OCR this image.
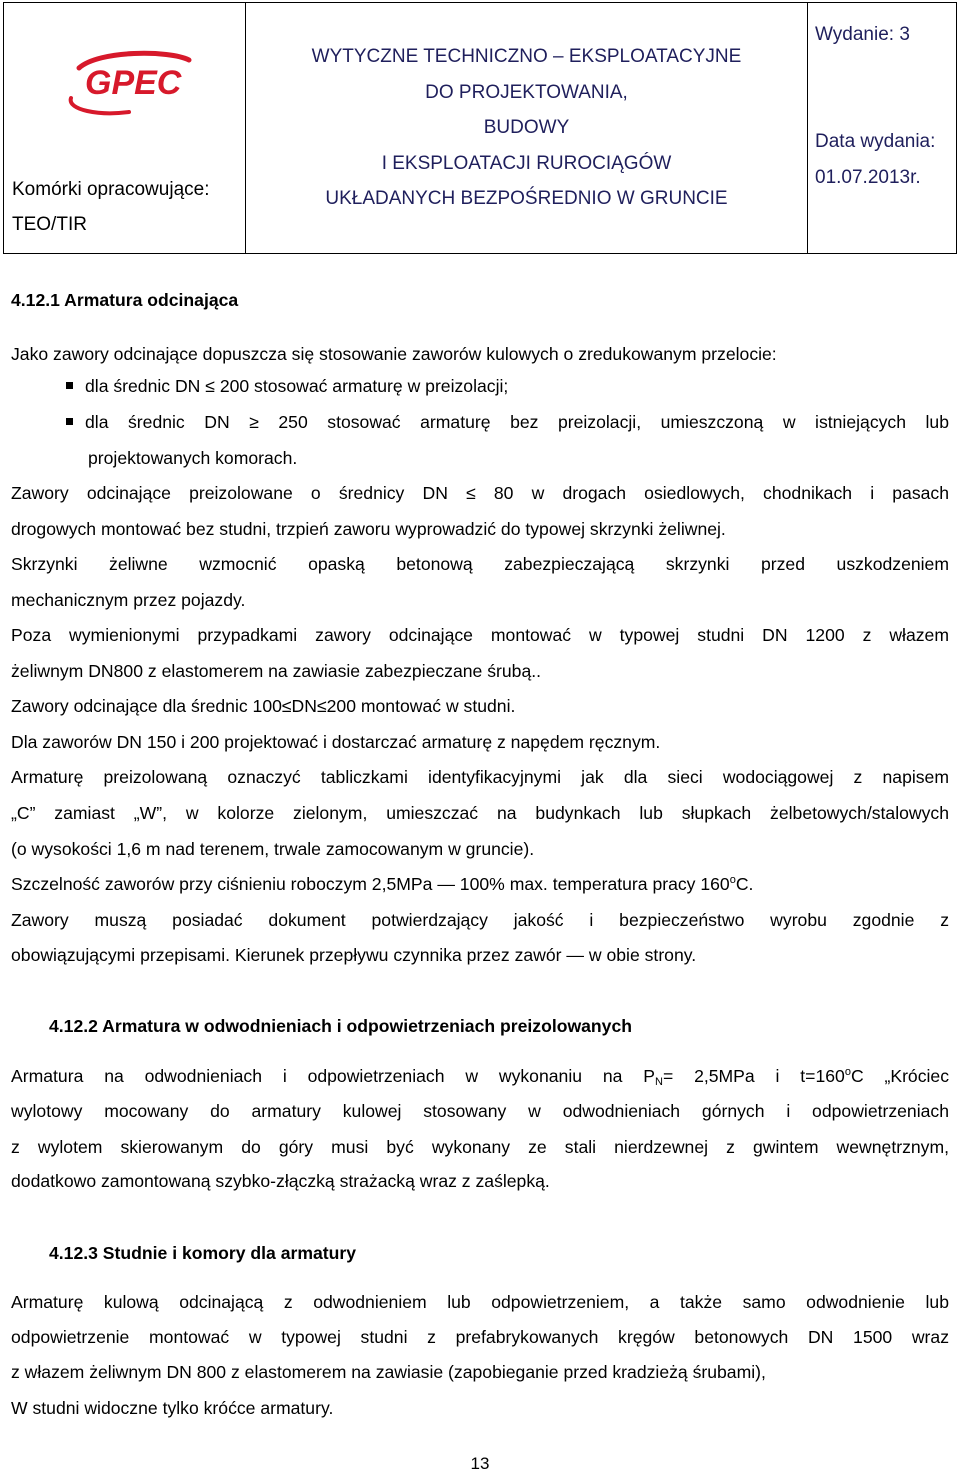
GPEC
Komórki opracowujące:
TEO/TIR
WYTYCZNE TECHNICZNO – EKSPLOATACYJNE
DO PROJEKTOWANIA,
BUDOWY
I EKSPLOATACJI RUROCIĄGÓW
UKŁADANYCH BEZPOŚREDNIO W GRUNCIE
Wydanie: 3
Data wydania:
01.07.2013r.
4.12.1 Armatura odcinająca
Jako zawory odcinające dopuszcza się stosowanie zaworów kulowych o zredukowanym przelocie:
dla średnic DN ≤ 200 stosować armaturę w preizolacji;
dla średnic DN ≥ 250 stosować armaturę bez preizolacji, umieszczoną w istniejących lub
projektowanych komorach.
Zawory odcinające preizolowane o średnicy DN ≤ 80 w drogach osiedlowych, chodnikach i pasach
drogowych montować bez studni, trzpień zaworu wyprowadzić do typowej skrzynki żeliwnej.
Skrzynki żeliwne wzmocnić opaską betonową zabezpieczającą skrzynki przed uszkodzeniem
mechanicznym przez pojazdy.
Poza wymienionymi przypadkami zawory odcinające montować w typowej studni DN 1200 z włazem
żeliwnym DN800 z elastomerem na zawiasie zabezpieczane śrubą..
Zawory odcinające dla średnic 100≤DN≤200 montować w studni.
Dla zaworów DN 150 i 200 projektować i dostarczać armaturę z napędem ręcznym.
Armaturę preizolowaną oznaczyć tabliczkami identyfikacyjnymi jak dla sieci wodociągowej z napisem
„C” zamiast „W”, w kolorze zielonym, umieszczać na budynkach lub słupkach żelbetowych/stalowych
(o wysokości 1,6 m nad terenem, trwale zamocowanym w gruncie).
Szczelność zaworów przy ciśnieniu roboczym 2,5MPa — 100% max. temperatura pracy 160$^o$C.
Zawory muszą posiadać dokument potwierdzający jakość i bezpieczeństwo wyrobu zgodnie z
obowiązującymi przepisami. Kierunek przepływu czynnika przez zawór — w obie strony.
4.12.2 Armatura w odwodnieniach i odpowietrzeniach preizolowanych
Armatura na odwodnieniach i odpowietrzeniach w wykonaniu na $P_N= 2,5MPa$ i $t=160^oC$ „Króciec
wylotowy mocowany do armatury kulowej stosowany w odwodnieniach górnych i odpowietrzeniach
z wylotem skierowanym do góry musi być wykonany ze stali nierdzewnej z gwintem wewnętrznym,
dodatkowo zamontowaną szybko-złączką strażacką wraz z zaślepką.
4.12.3 Studnie i komory dla armatury
Armaturę kulową odcinającą z odwodnieniem lub odpowietrzeniem, a także samo odwodnienie lub
odpowietrzenie montować w typowej studni z prefabrykowanych kręgów betonowych DN 1500 wraz
z włazem żeliwnym DN 800 z elastomerem na zawiasie (zapobieganie przed kradzieżą śrubami),
W studni widoczne tylko króćce armatury.
13
